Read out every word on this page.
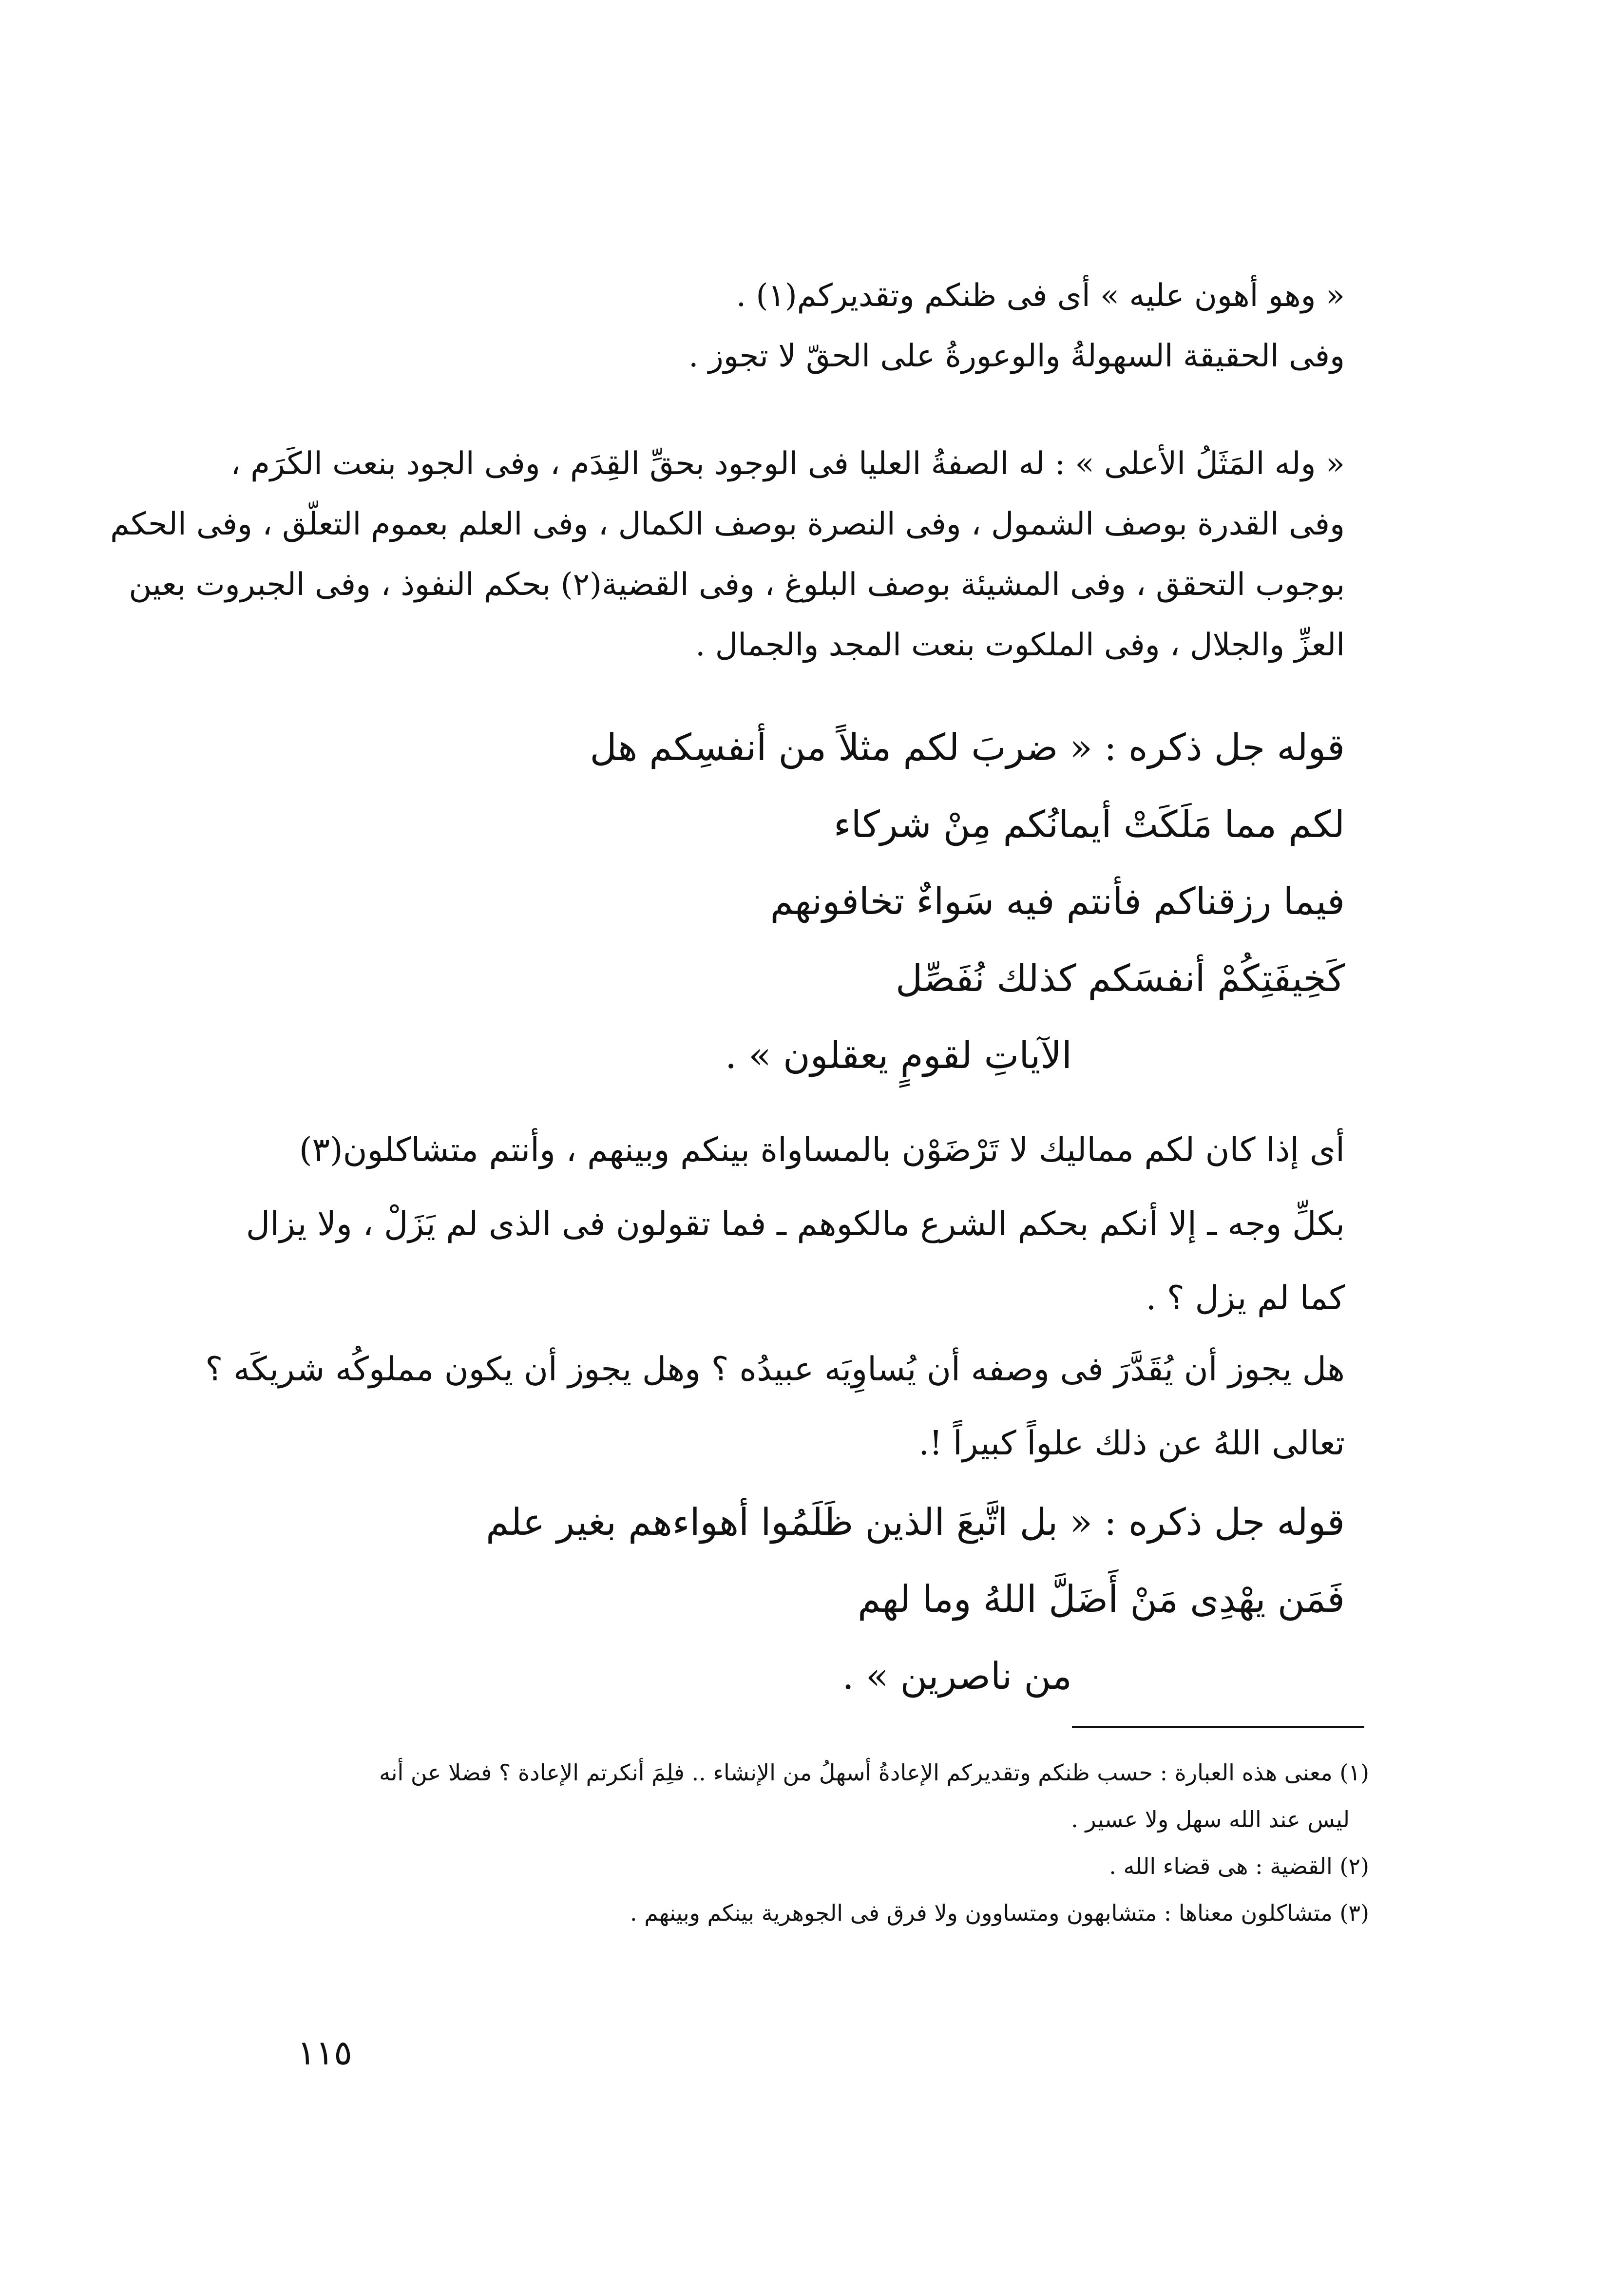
« وهو أهون عليه » أى فى ظنكم وتقديركم(١) .
وفى الحقيقة السهولةُ والوعورةُ على الحقّ لا تجوز .
« وله المَثَلُ الأعلى » : له الصفةُ العليا فى الوجود بحقِّ القِدَم ، وفى الجود بنعت الكَرَم ،
وفى القدرة بوصف الشمول ، وفى النصرة بوصف الكمال ، وفى العلم بعموم التعلّق ، وفى الحكم
بوجوب التحقق ، وفى المشيئة بوصف البلوغ ، وفى القضية(٢) بحكم النفوذ ، وفى الجبروت بعين
العزِّ والجلال ، وفى الملكوت بنعت المجد والجمال .
قوله جل ذكره : « ضربَ لكم مثلاً من أنفسِكم هل
لكم مما مَلَكَتْ أيمانُكم مِنْ شركاء
فيما رزقناكم فأنتم فيه سَواءٌ تخافونهم
كَخِيفَتِكُمْ أنفسَكم كذلك نُفَصِّل
الآياتِ لقومٍ يعقلون » .
أى إذا كان لكم مماليك لا تَرْضَوْن بالمساواة بينكم وبينهم ، وأنتم متشاكلون(٣)
بكلِّ وجه ـ إلا أنكم بحكم الشرع مالكوهم ـ فما تقولون فى الذى لم يَزَلْ ، ولا يزال
كما لم يزل ؟ .
هل يجوز أن يُقَدَّرَ فى وصفه أن يُساوِيَه عبيدُه ؟ وهل يجوز أن يكون مملوكُه شريكَه ؟
تعالى اللهُ عن ذلك علواً كبيراً !.
قوله جل ذكره : « بل اتَّبعَ الذين ظَلَمُوا أهواءهم بغير علم
فَمَن يهْدِى مَنْ أَضَلَّ اللهُ وما لهم
من ناصرين » .
(١) معنى هذه العبارة : حسب ظنكم وتقديركم الإعادةُ أسهلُ من الإنشاء .. فلِمَ أنكرتم الإعادة ؟ فضلا عن أنه
ليس عند الله سهل ولا عسير .
(٢) القضية : هى قضاء الله .
(٣) متشاكلون معناها : متشابهون ومتساوون ولا فرق فى الجوهرية بينكم وبينهم .
١١٥
